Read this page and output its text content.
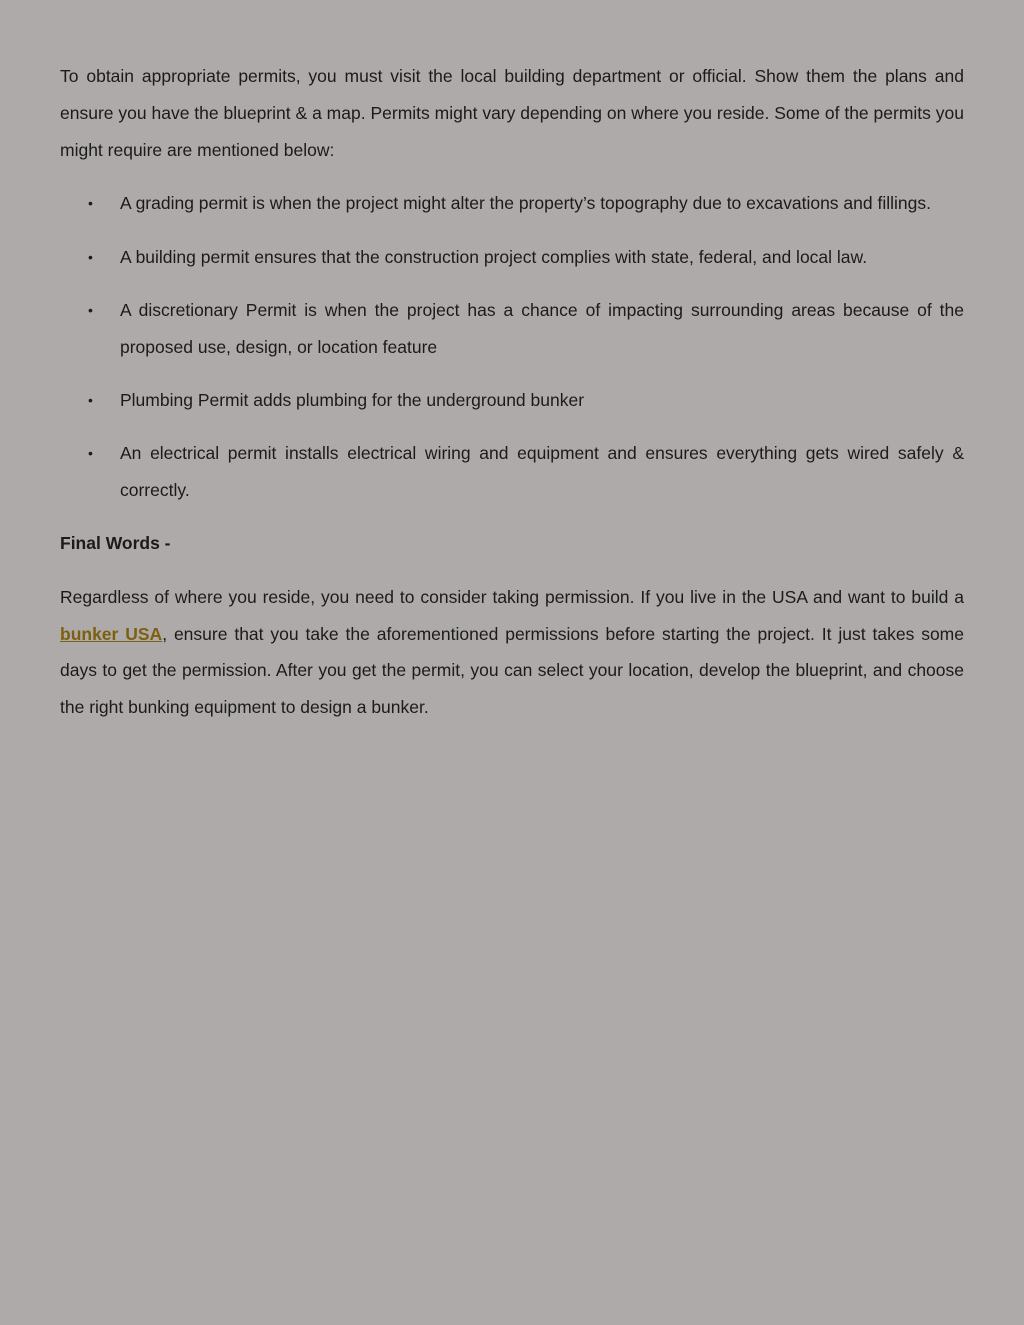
To obtain appropriate permits, you must visit the local building department or official. Show them the plans and ensure you have the blueprint & a map. Permits might vary depending on where you reside. Some of the permits you might require are mentioned below:

• A grading permit is when the project might alter the property’s topography due to excavations and fillings.
• A building permit ensures that the construction project complies with state, federal, and local law.
• A discretionary Permit is when the project has a chance of impacting surrounding areas because of the proposed use, design, or location feature
• Plumbing Permit adds plumbing for the underground bunker
• An electrical permit installs electrical wiring and equipment and ensures everything gets wired safely & correctly.

Final Words -

Regardless of where you reside, you need to consider taking permission. If you live in the USA and want to build a bunker USA, ensure that you take the aforementioned permissions before starting the project. It just takes some days to get the permission. After you get the permit, you can select your location, develop the blueprint, and choose the right bunking equipment to design a bunker.
